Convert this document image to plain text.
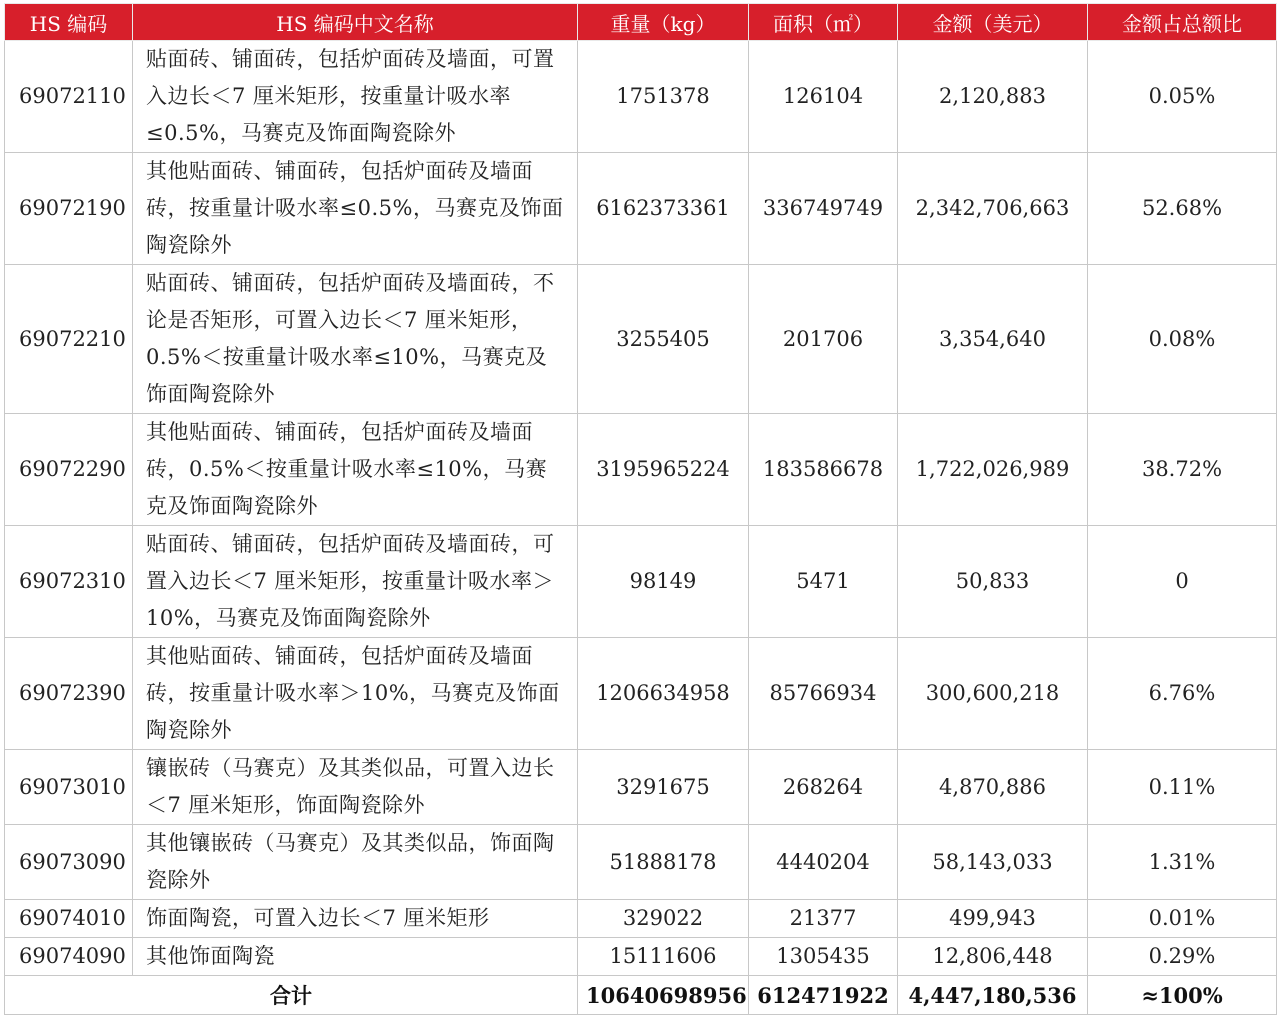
HS 编码	HS 编码中文名称	重量（kg）	面积（㎡）	金额（美元）	金额占总额比
69072110	贴面砖、铺面砖，包括炉面砖及墙面，可置入边长＜7 厘米矩形，按重量计吸水率≤0.5%，马赛克及饰面陶瓷除外	1751378	126104	2,120,883	0.05%
69072190	其他贴面砖、铺面砖，包括炉面砖及墙面砖，按重量计吸水率≤0.5%，马赛克及饰面陶瓷除外	6162373361	336749749	2,342,706,663	52.68%
69072210	贴面砖、铺面砖，包括炉面砖及墙面砖，不论是否矩形，可置入边长＜7 厘米矩形，0.5%＜按重量计吸水率≤10%，马赛克及饰面陶瓷除外	3255405	201706	3,354,640	0.08%
69072290	其他贴面砖、铺面砖，包括炉面砖及墙面砖，0.5%＜按重量计吸水率≤10%，马赛克及饰面陶瓷除外	3195965224	183586678	1,722,026,989	38.72%
69072310	贴面砖、铺面砖，包括炉面砖及墙面砖，可置入边长＜7 厘米矩形，按重量计吸水率＞10%，马赛克及饰面陶瓷除外	98149	5471	50,833	0
69072390	其他贴面砖、铺面砖，包括炉面砖及墙面砖，按重量计吸水率＞10%，马赛克及饰面陶瓷除外	1206634958	85766934	300,600,218	6.76%
69073010	镶嵌砖（马赛克）及其类似品，可置入边长＜7 厘米矩形，饰面陶瓷除外	3291675	268264	4,870,886	0.11%
69073090	其他镶嵌砖（马赛克）及其类似品，饰面陶瓷除外	51888178	4440204	58,143,033	1.31%
69074010	饰面陶瓷，可置入边长＜7 厘米矩形	329022	21377	499,943	0.01%
69074090	其他饰面陶瓷	15111606	1305435	12,806,448	0.29%
合计		10640698956	612471922	4,447,180,536	≈100%
